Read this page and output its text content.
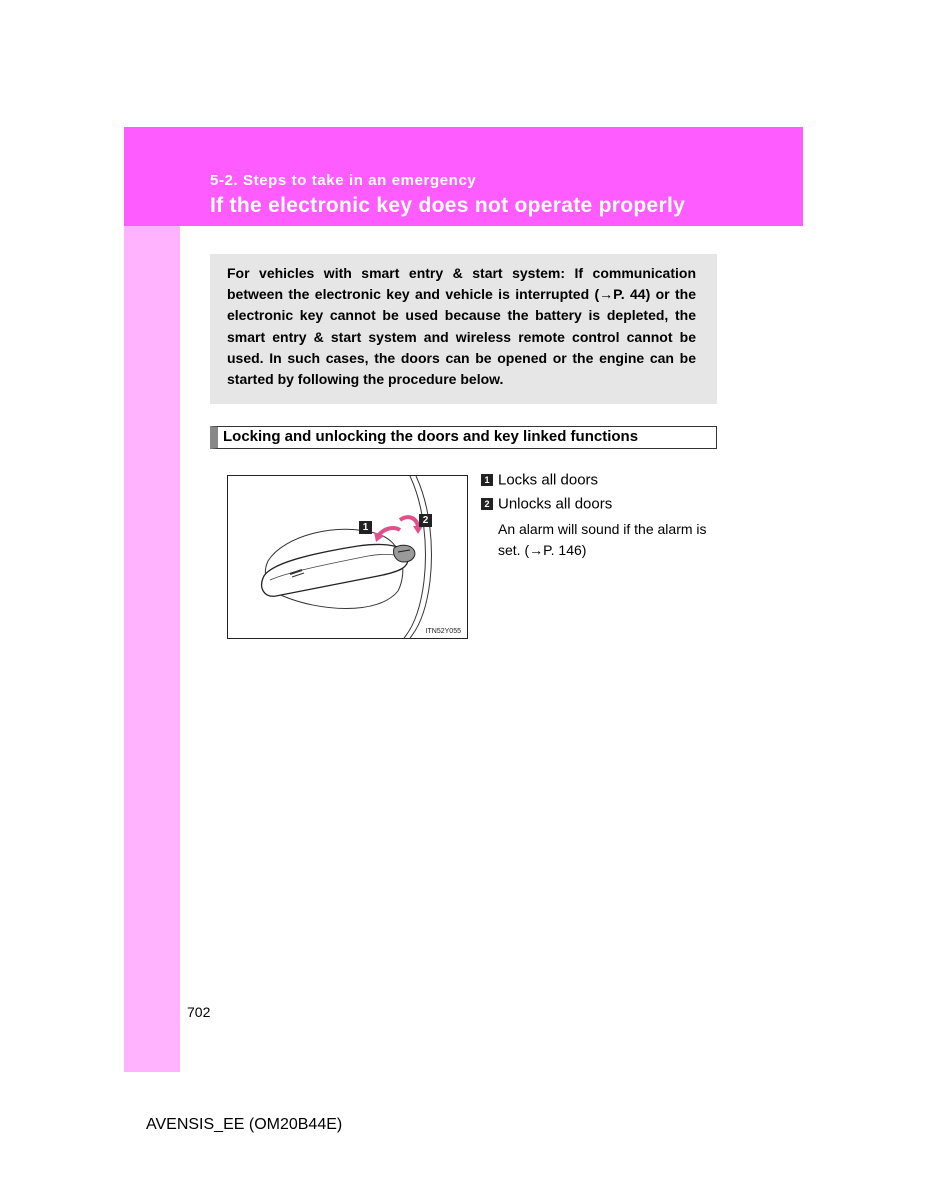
5-2. Steps to take in an emergency
If the electronic key does not operate properly

For vehicles with smart entry & start system: If communication between the electronic key and vehicle is interrupted (→P. 44) or the electronic key cannot be used because the battery is depleted, the smart entry & start system and wireless remote control cannot be used. In such cases, the doors can be opened or the engine can be started by following the procedure below.

Locking and unlocking the doors and key linked functions
1
2
ITN52Y055
1 Locks all doors
2 Unlocks all doors
An alarm will sound if the alarm is set. (→P. 146)
702
AVENSIS_EE (OM20B44E)
